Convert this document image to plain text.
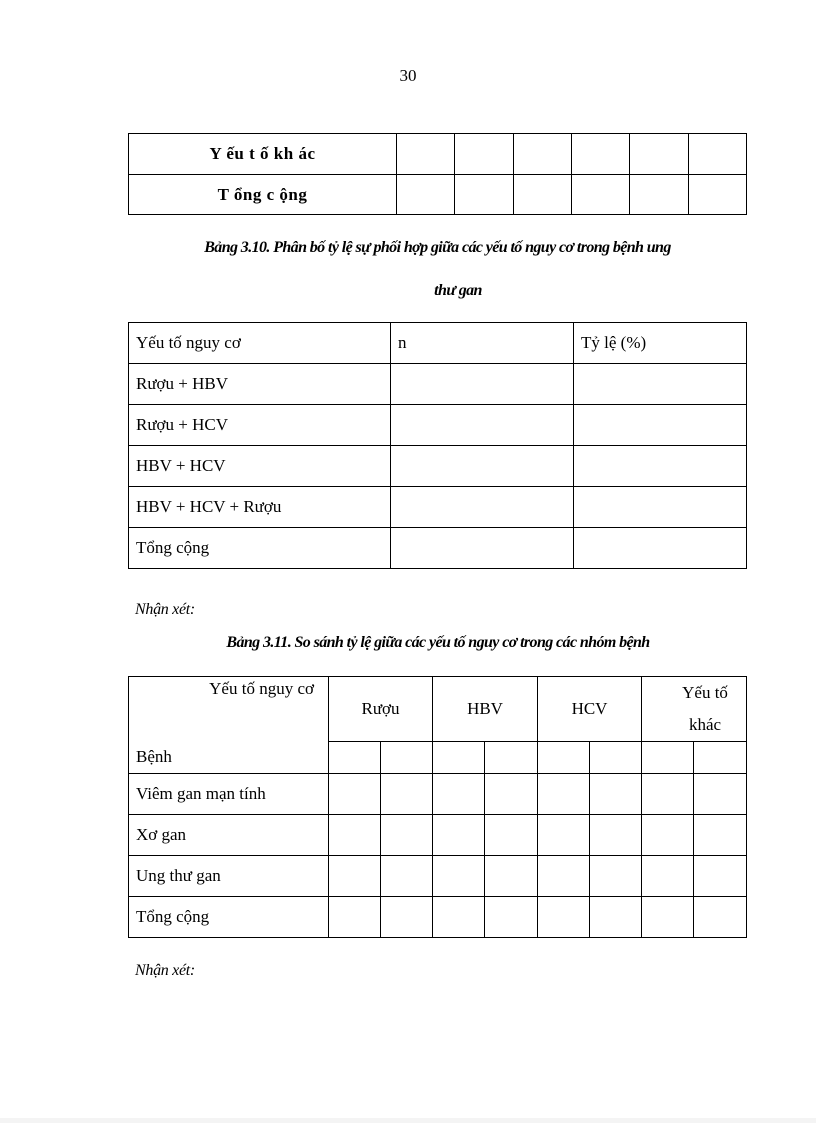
30
Y ếu t ố kh ác						
T ổng c ộng						
Bảng 3.10. Phân bố tỷ lệ sự phối hợp giữa các yếu tố nguy cơ trong bệnh ung
thư gan
Yếu tố nguy cơ	n	Tỷ lệ (%)
Rượu + HBV		
Rượu + HCV		
HBV + HCV		
HBV + HCV + Rượu		
Tổng cộng		
Nhận xét:
Bảng 3.11. So sánh tỷ lệ giữa các yếu tố nguy cơ trong các nhóm bệnh
Yếu tố nguy cơ	Rượu		HBV		HCV		Yếu tố khác	
Bệnh								
Viêm gan mạn tính								
Xơ gan								
Ung thư gan								
Tổng cộng								
Nhận xét:
